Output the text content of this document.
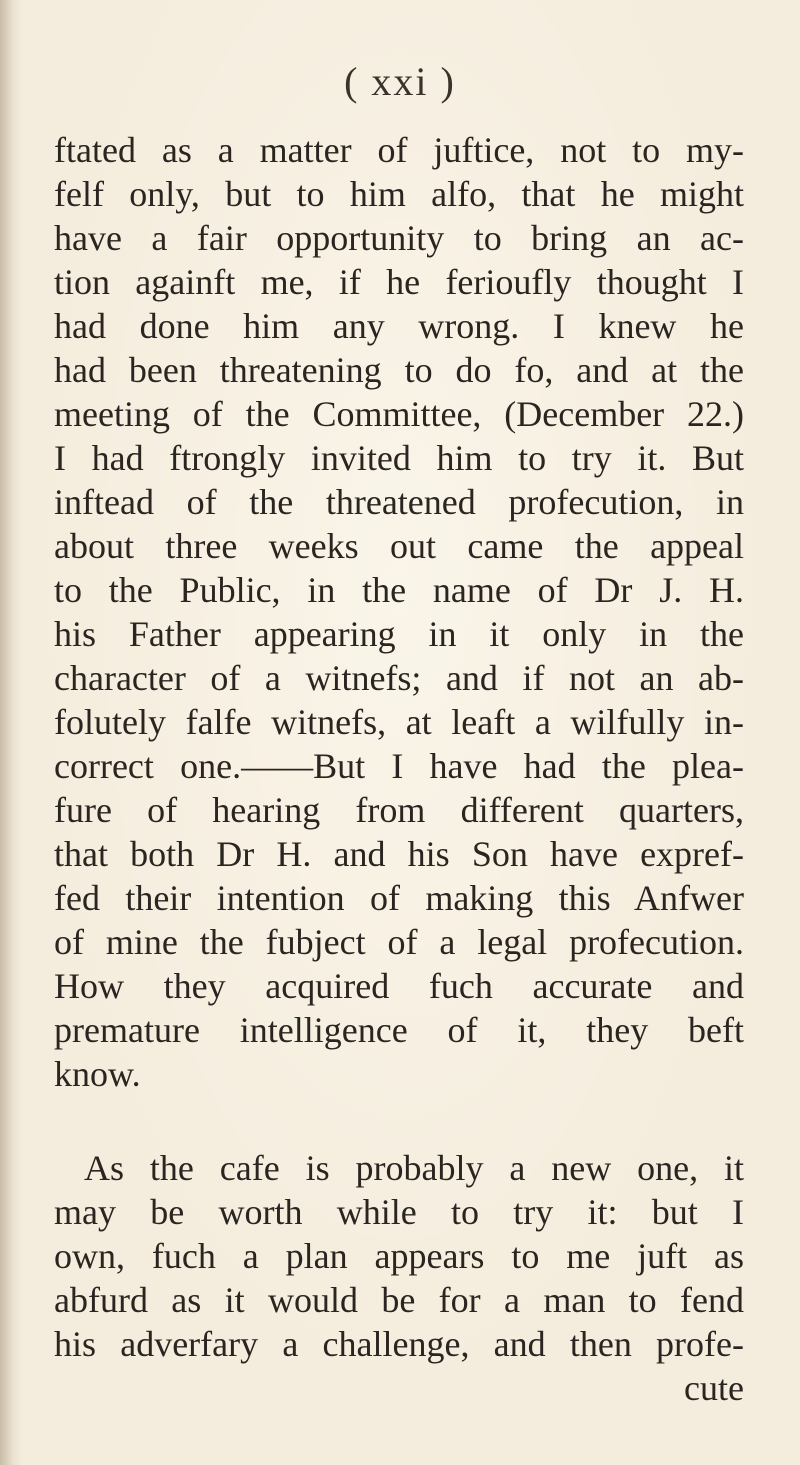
( xxi )
ftated as a matter of juftice, not to my-
felf only, but to him alfo, that he might
have a fair opportunity to bring an ac-
tion againft me, if he ferioufly thought I
had done him any wrong. I knew he
had been threatening to do fo, and at the
meeting of the Committee, (December 22.)
I had ftrongly invited him to try it. But
inftead of the threatened profecution, in
about three weeks out came the appeal
to the Public, in the name of Dr J. H.
his Father appearing in it only in the
character of a witnefs; and if not an ab-
folutely falfe witnefs, at leaft a wilfully in-
correct one.——But I have had the plea-
fure of hearing from different quarters,
that both Dr H. and his Son have expref-
fed their intention of making this Anfwer
of mine the fubject of a legal profecution.
How they acquired fuch accurate and
premature intelligence of it, they beft
know.
As the cafe is probably a new one, it
may be worth while to try it: but I
own, fuch a plan appears to me juft as
abfurd as it would be for a man to fend
his adverfary a challenge, and then profe-
cute
